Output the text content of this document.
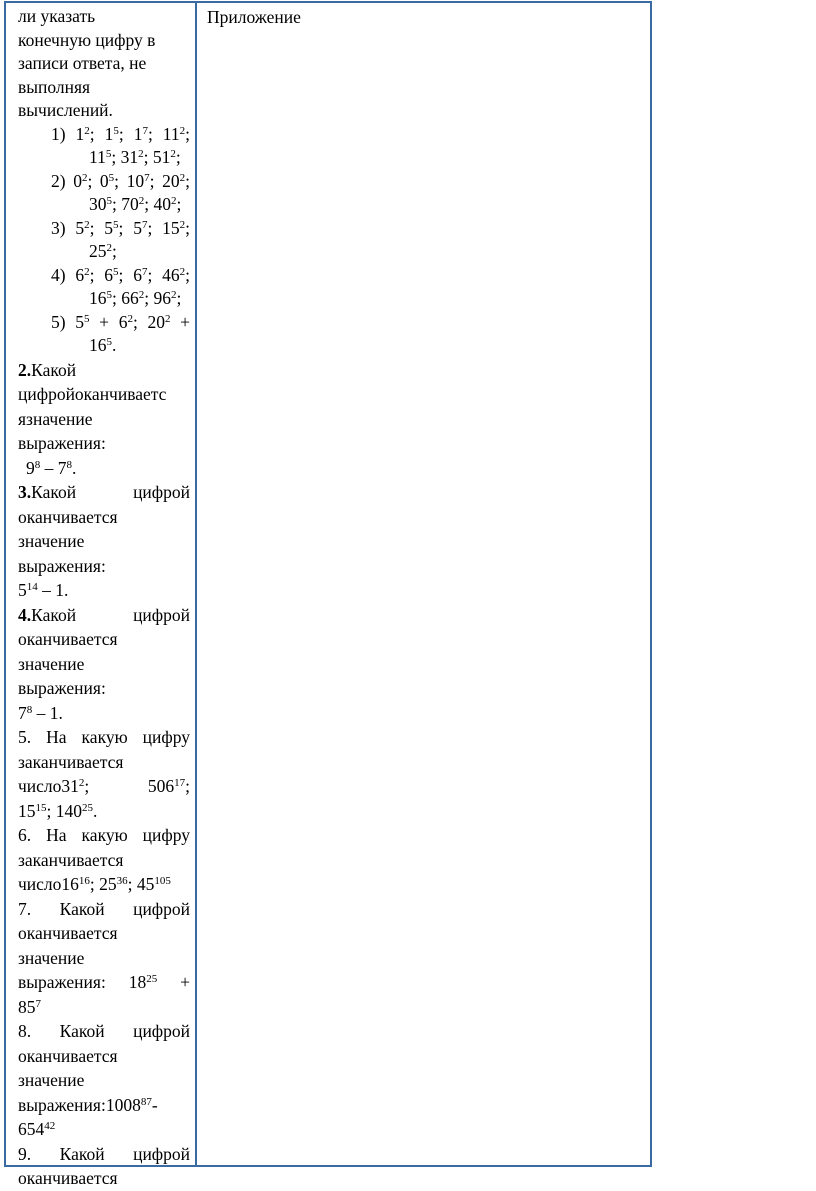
ли указать

конечную цифру в

записи ответа, не

выполняя

вычислений.

1) $1^2$; $1^5$; $1^7$; $11^2$;
$11^5$; $31^2$; $51^2$;
2) $0^2$; $0^5$; $10^7$; $20^2$;
$30^5$; $70^2$; $40^2$;
3) $5^2$; $5^5$; $5^7$; $15^2$;
$25^2$;
4) $6^2$; $6^5$; $6^7$; $46^2$;
$16^5$; $66^2$; $96^2$;
5) $5^5 + 6^2$; $20^2$ +
$16^5$.

2.Какой

цифройоканчиваетс

язначение

выражения:

$9^8 - 7^8$.

3.Какой	цифрой

оканчивается

значение

выражения:

$5^{14} - 1$.

4.Какой	цифрой

оканчивается

значение

выражения:

$7^8 - 1$.

5. На какую цифру

заканчивается

$число31^2$;	$506^{17}$;

$15^{15}$; $140^{25}$.

6. На какую цифру

заканчивается

$число16^{16}$; $25^{36}$; $45^{105}$

7. Какой цифрой

оканчивается

значение

выражения: $18^{25}$ +

$85^7$

8. Какой цифрой

оканчивается

значение

выражения:1008$^{87}$-

$654^{42}$

9. Какой цифрой

оканчивается

Приложение
